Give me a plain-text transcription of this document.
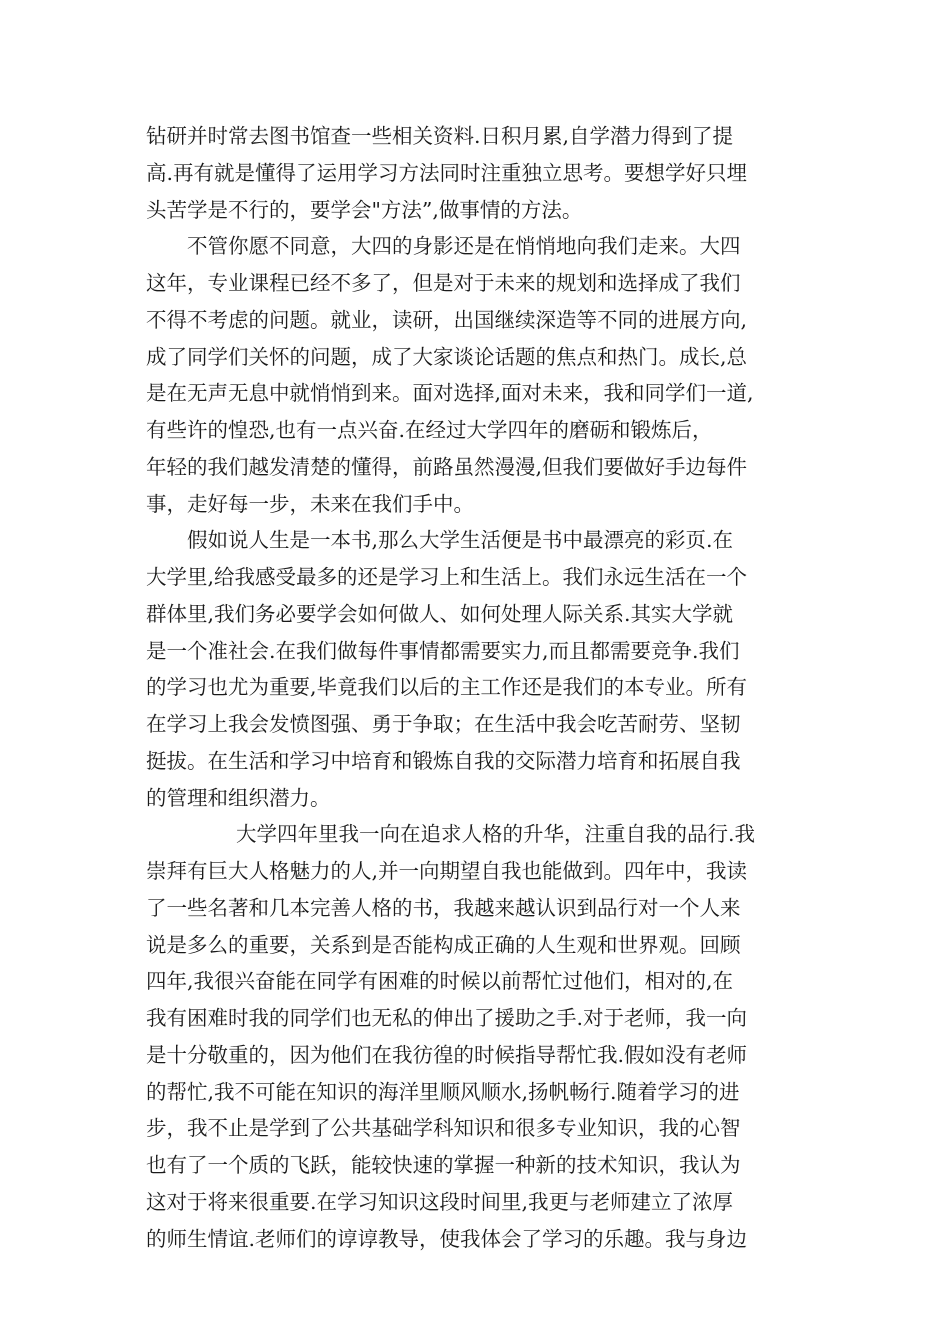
钻研并时常去图书馆查一些相关资料.日积月累,自学潜力得到了提
高.再有就是懂得了运用学习方法同时注重独立思考。要想学好只埋
头苦学是不行的，要学会"方法”,做事情的方法。
不管你愿不同意，大四的身影还是在悄悄地向我们走来。大四
这年，专业课程已经不多了，但是对于未来的规划和选择成了我们
不得不考虑的问题。就业，读研，出国继续深造等不同的进展方向,
成了同学们关怀的问题，成了大家谈论话题的焦点和热门。成长,总
是在无声无息中就悄悄到来。面对选择,面对未来，我和同学们一道,
有些许的惶恐,也有一点兴奋.在经过大学四年的磨砺和锻炼后，
年轻的我们越发清楚的懂得，前路虽然漫漫,但我们要做好手边每件
事，走好每一步，未来在我们手中。
假如说人生是一本书,那么大学生活便是书中最漂亮的彩页.在
大学里,给我感受最多的还是学习上和生活上。我们永远生活在一个
群体里,我们务必要学会如何做人、如何处理人际关系.其实大学就
是一个准社会.在我们做每件事情都需要实力,而且都需要竞争.我们
的学习也尤为重要,毕竟我们以后的主工作还是我们的本专业。所有
在学习上我会发愤图强、勇于争取；在生活中我会吃苦耐劳、坚韧
挺拔。在生活和学习中培育和锻炼自我的交际潜力培育和拓展自我
的管理和组织潜力。
大学四年里我一向在追求人格的升华，注重自我的品行.我
崇拜有巨大人格魅力的人,并一向期望自我也能做到。四年中，我读
了一些名著和几本完善人格的书，我越来越认识到品行对一个人来
说是多么的重要，关系到是否能构成正确的人生观和世界观。回顾
四年,我很兴奋能在同学有困难的时候以前帮忙过他们，相对的,在
我有困难时我的同学们也无私的伸出了援助之手.对于老师，我一向
是十分敬重的，因为他们在我彷徨的时候指导帮忙我.假如没有老师
的帮忙,我不可能在知识的海洋里顺风顺水,扬帆畅行.随着学习的进
步，我不止是学到了公共基础学科知识和很多专业知识，我的心智
也有了一个质的飞跃，能较快速的掌握一种新的技术知识，我认为
这对于将来很重要.在学习知识这段时间里,我更与老师建立了浓厚
的师生情谊.老师们的谆谆教导，使我体会了学习的乐趣。我与身边
